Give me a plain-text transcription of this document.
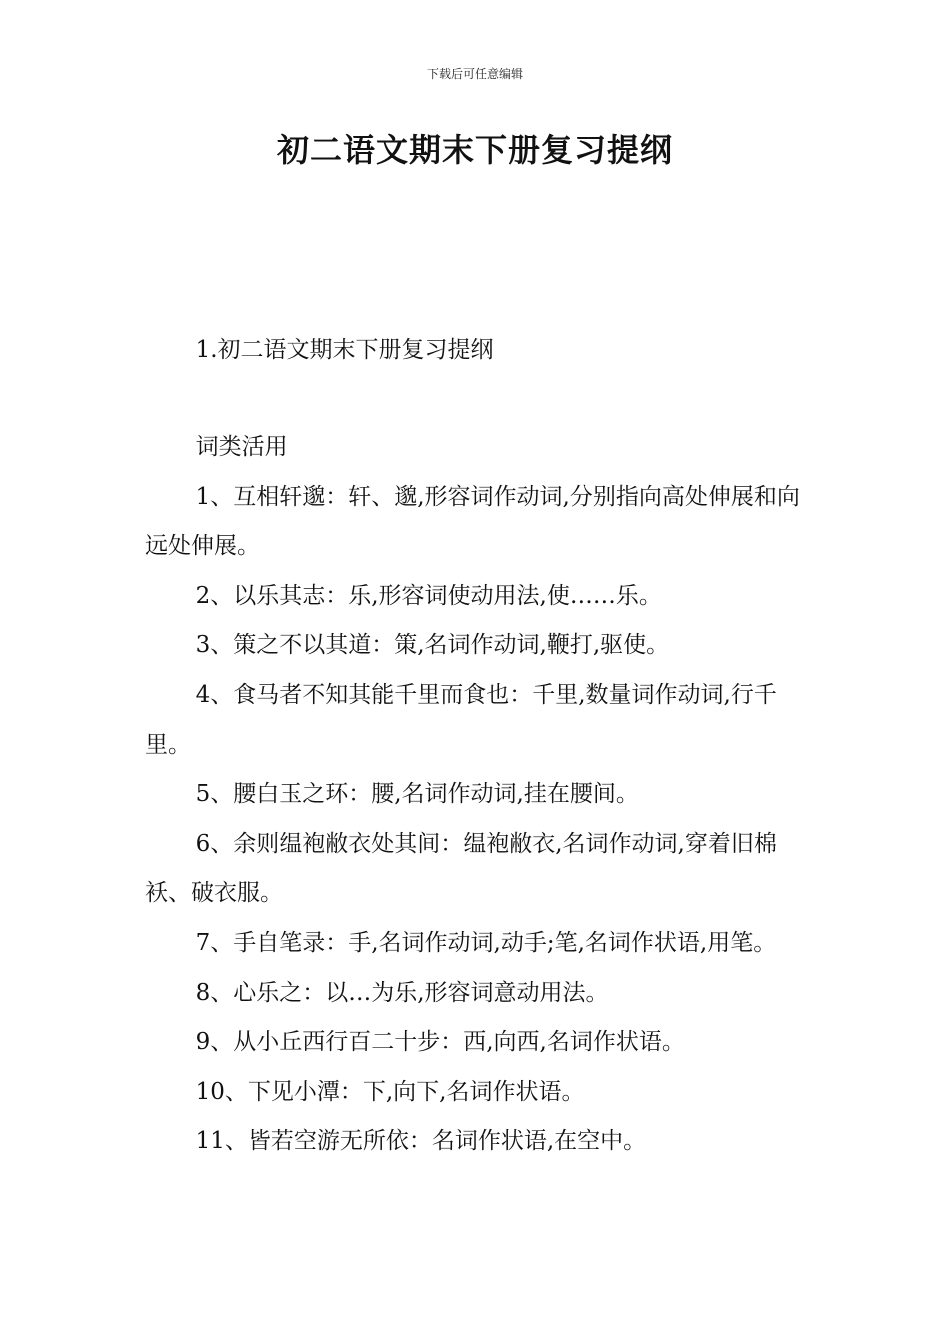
下载后可任意编辑
初二语文期末下册复习提纲

1.初二语文期末下册复习提纲

词类活用

1、互相轩邈：轩、邈,形容词作动词,分别指向高处伸展和向远处伸展。

2、以乐其志：乐,形容词使动用法,使……乐。

3、策之不以其道：策,名词作动词,鞭打,驱使。

4、食马者不知其能千里而食也：千里,数量词作动词,行千里。

5、腰白玉之环：腰,名词作动词,挂在腰间。

6、余则缊袍敝衣处其间：缊袍敝衣,名词作动词,穿着旧棉袄、破衣服。

7、手自笔录：手,名词作动词,动手;笔,名词作状语,用笔。

8、心乐之：以…为乐,形容词意动用法。

9、从小丘西行百二十步：西,向西,名词作状语。

10、下见小潭：下,向下,名词作状语。

11、皆若空游无所依：名词作状语,在空中。
